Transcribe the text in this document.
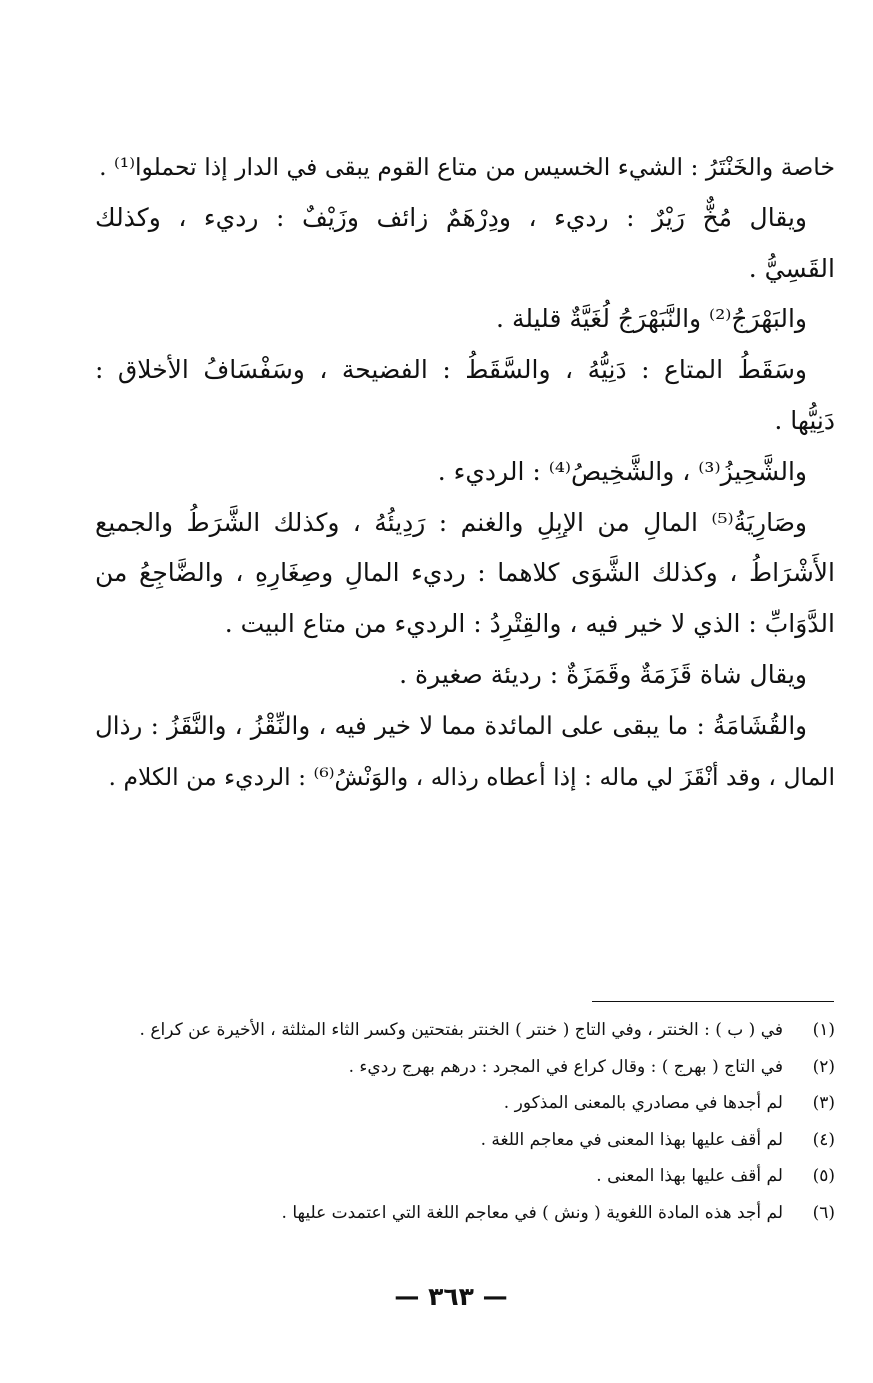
خاصة والخَنْتَرُ : الشيء الخسيس من متاع القوم يبقى في الدار إذا تحملوا⁽¹⁾ .
ويقال مُخٌّ رَيْرٌ : رديء ، ودِرْهَمٌ زائف وزَيْفٌ : رديء ، وكذلك
القَسِيُّ .
والبَهْرَجُ⁽²⁾ والنَّبَهْرَجُ لُغَيَّةٌ قليلة .
وسَقَطُ المتاع : دَنِيُّهُ ، والسَّقَطُ : الفضيحة ، وسَفْسَافُ الأخلاق :
دَنِيُّها .
والشَّحِيزُ⁽³⁾ ، والشَّخِيصُ⁽⁴⁾ : الرديء .
وصَارِيَةُ⁽⁵⁾ المالِ من الإبِلِ والغنم : رَدِيئُهُ ، وكذلك الشَّرَطُ والجميع
الأَشْرَاطُ ، وكذلك الشَّوَى كلاهما : رديء المالِ وصِغَارِهِ ، والضَّاجِعُ من
الدَّوَابِّ : الذي لا خير فيه ، والقِتْرِدُ : الرديء من متاع البيت .
ويقال شاة قَزَمَةٌ وقَمَزَةٌ : رديئة صغيرة .
والقُشَامَةُ : ما يبقى على المائدة مما لا خير فيه ، والنِّقْزُ ، والنَّقَزُ : رذال
المال ، وقد أنْقَزَ لي ماله : إذا أعطاه رذاله ، والوَنْشُ⁽⁶⁾ : الرديء من الكلام .
(١)
في ( ب ) : الخنتر ، وفي التاج ( خنتر ) الخنتر بفتحتين وكسر الثاء المثلثة ، الأخيرة عن كراع .
(٢)
في التاج ( بهرج ) : وقال كراع في المجرد : درهم بهرج رديء .
(٣)
لم أجدها في مصادري بالمعنى المذكور .
(٤)
لم أقف عليها بهذا المعنى في معاجم اللغة .
(٥)
لم أقف عليها بهذا المعنى .
(٦)
لم أجد هذه المادة اللغوية ( ونش ) في معاجم اللغة التي اعتمدت عليها .
— ٣٦٣ —
